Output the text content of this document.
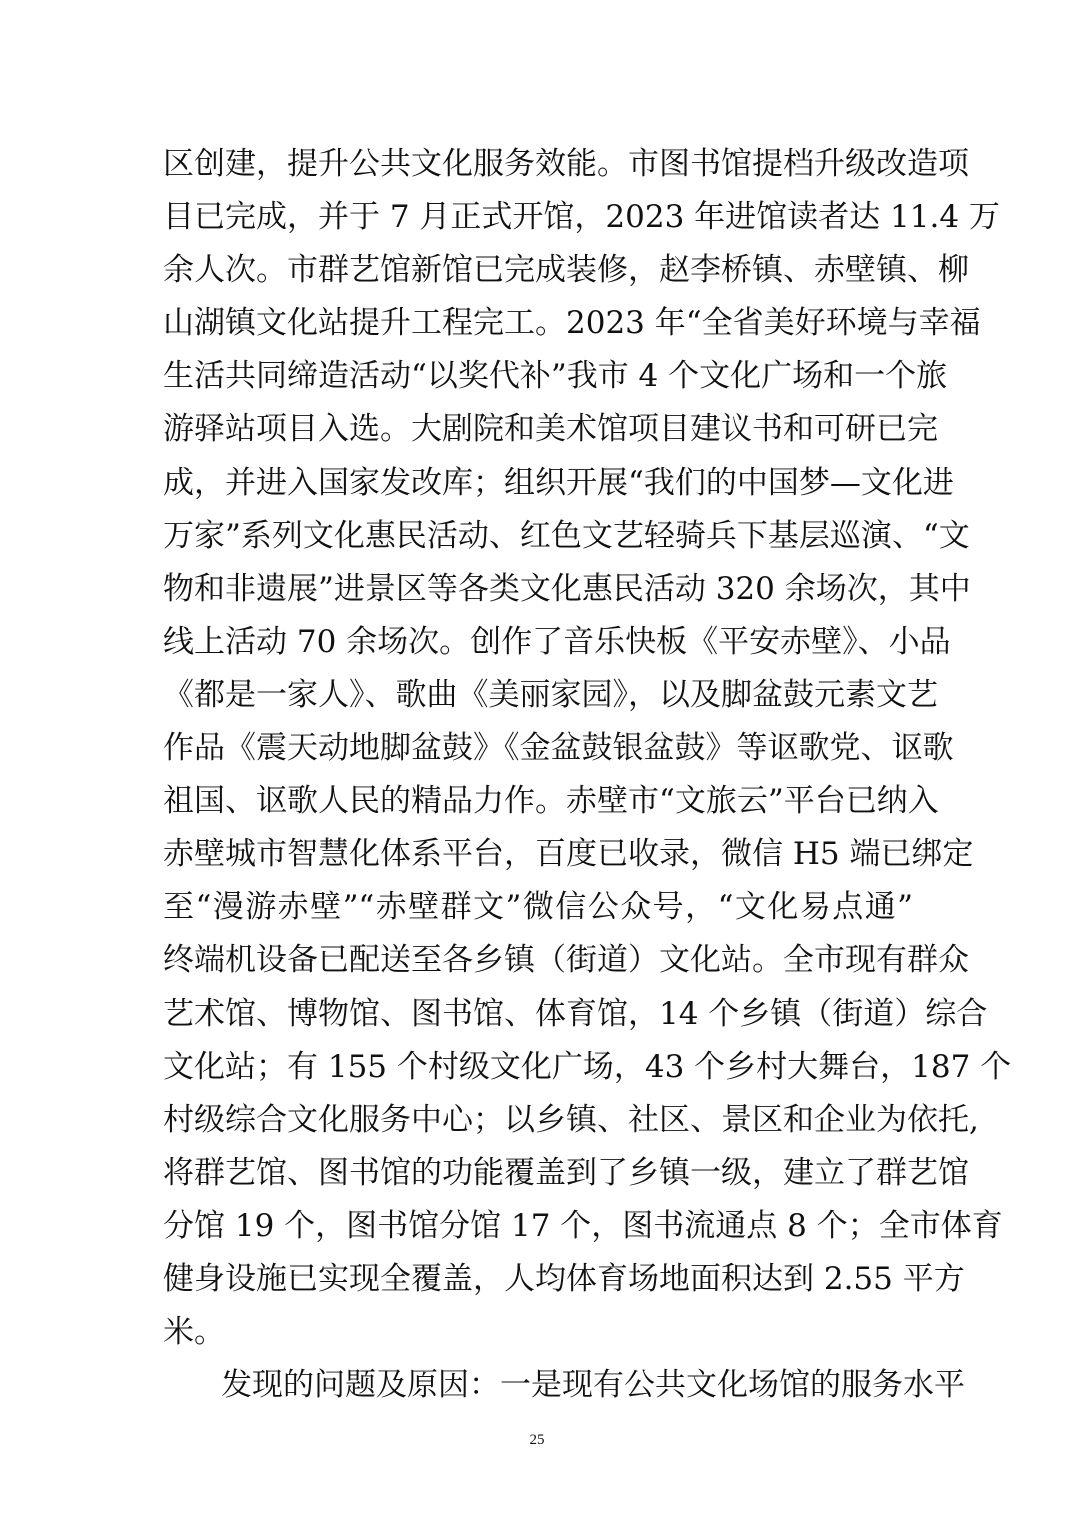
区创建，提升公共文化服务效能。市图书馆提档升级改造项
目已完成，并于 7 月正式开馆，2023 年进馆读者达 11.4 万
余人次。市群艺馆新馆已完成装修，赵李桥镇、赤壁镇、柳
山湖镇文化站提升工程完工。2023 年“全省美好环境与幸福
生活共同缔造活动“以奖代补”我市 4 个文化广场和一个旅
游驿站项目入选。大剧院和美术馆项目建议书和可研已完
成，并进入国家发改库；组织开展“我们的中国梦—文化进
万家”系列文化惠民活动、红色文艺轻骑兵下基层巡演、“文
物和非遗展”进景区等各类文化惠民活动 320 余场次，其中
线上活动 70 余场次。创作了音乐快板《平安赤壁》、小品
《都是一家人》、歌曲《美丽家园》，以及脚盆鼓元素文艺
作品《震天动地脚盆鼓》《金盆鼓银盆鼓》等讴歌党、讴歌
祖国、讴歌人民的精品力作。赤壁市“文旅云”平台已纳入
赤壁城市智慧化体系平台，百度已收录，微信 H5 端已绑定
至“漫游赤壁”“赤壁群文”微信公众号，“文化易点通”
终端机设备已配送至各乡镇（街道）文化站。全市现有群众
艺术馆、博物馆、图书馆、体育馆，14 个乡镇（街道）综合
文化站；有 155 个村级文化广场，43 个乡村大舞台，187 个
村级综合文化服务中心；以乡镇、社区、景区和企业为依托,
将群艺馆、图书馆的功能覆盖到了乡镇一级，建立了群艺馆
分馆 19 个，图书馆分馆 17 个，图书流通点 8 个；全市体育
健身设施已实现全覆盖，人均体育场地面积达到 2.55 平方
米。
发现的问题及原因：一是现有公共文化场馆的服务水平
25
